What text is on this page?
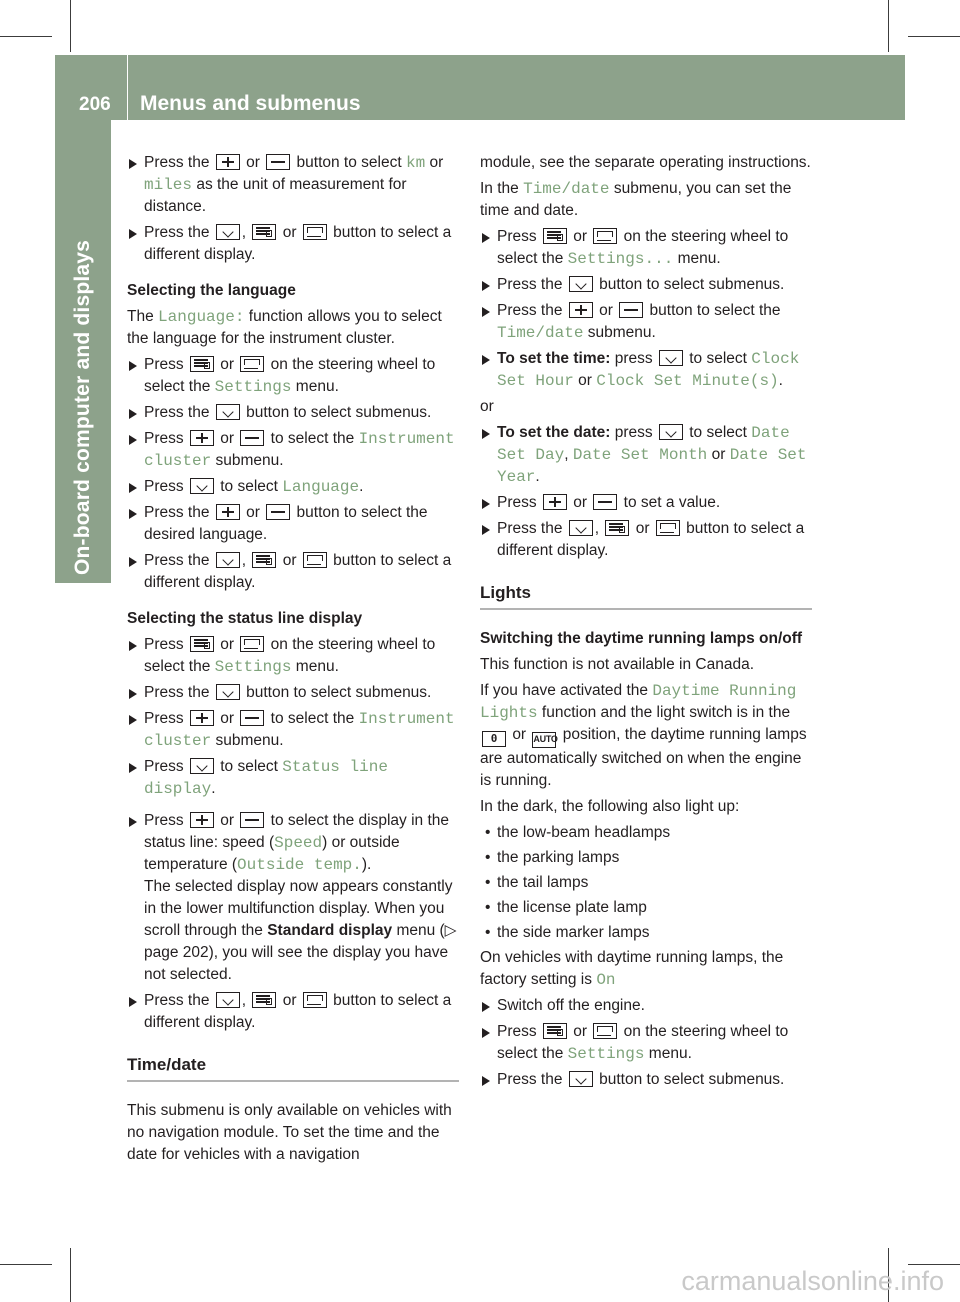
206 Menus and submenus
On-board computer and displays
Press the or button to select km or miles as the unit of measurement for distance.
Press the , or button to select a different display.
Selecting the language

The Language: function allows you to select the language for the instrument cluster.

Press or on the steering wheel to select the Settings menu.
Press the button to select submenus.
Press or to select the Instrument cluster submenu.
Press to select Language.
Press the or button to select the desired language.
Press the , or button to select a different display.
Selecting the status line display
Press or on the steering wheel to select the Settings menu.
Press the button to select submenus.
Press or to select the Instrument cluster submenu.
Press to select Status line display.
Press or to select the display in the status line: speed (Speed) or outside temperature (Outside temp.).
The selected display now appears constantly in the lower multifunction display. When you scroll through the Standard display menu (▷ page 202), you will see the display you have not selected.
Press the , or button to select a different display.
Time/date

This submenu is only available on vehicles with no navigation module. To set the time and the date for vehicles with a navigation

module, see the separate operating instructions.

In the Time/date submenu, you can set the time and date.

Press or on the steering wheel to select the Settings... menu.
Press the button to select submenus.
Press the or button to select the Time/date submenu.
To set the time: press to select Clock Set Hour or Clock Set Minute(s).

or

To set the date: press to select Date Set Day, Date Set Month or Date Set Year.
Press or to set a value.
Press the , or button to select a different display.
Lights
Switching the daytime running lamps on/off

This function is not available in Canada.

If you have activated the Daytime Running Lights function and the light switch is in the 0 or AUTO position, the daytime running lamps are automatically switched on when the engine is running.

In the dark, the following also light up:

• the low-beam headlamps
• the parking lamps
• the tail lamps
• the license plate lamp
• the side marker lamps

On vehicles with daytime running lamps, the factory setting is On

Switch off the engine.
Press or on the steering wheel to select the Settings menu.
Press the button to select submenus.
carmanualsonline.info
